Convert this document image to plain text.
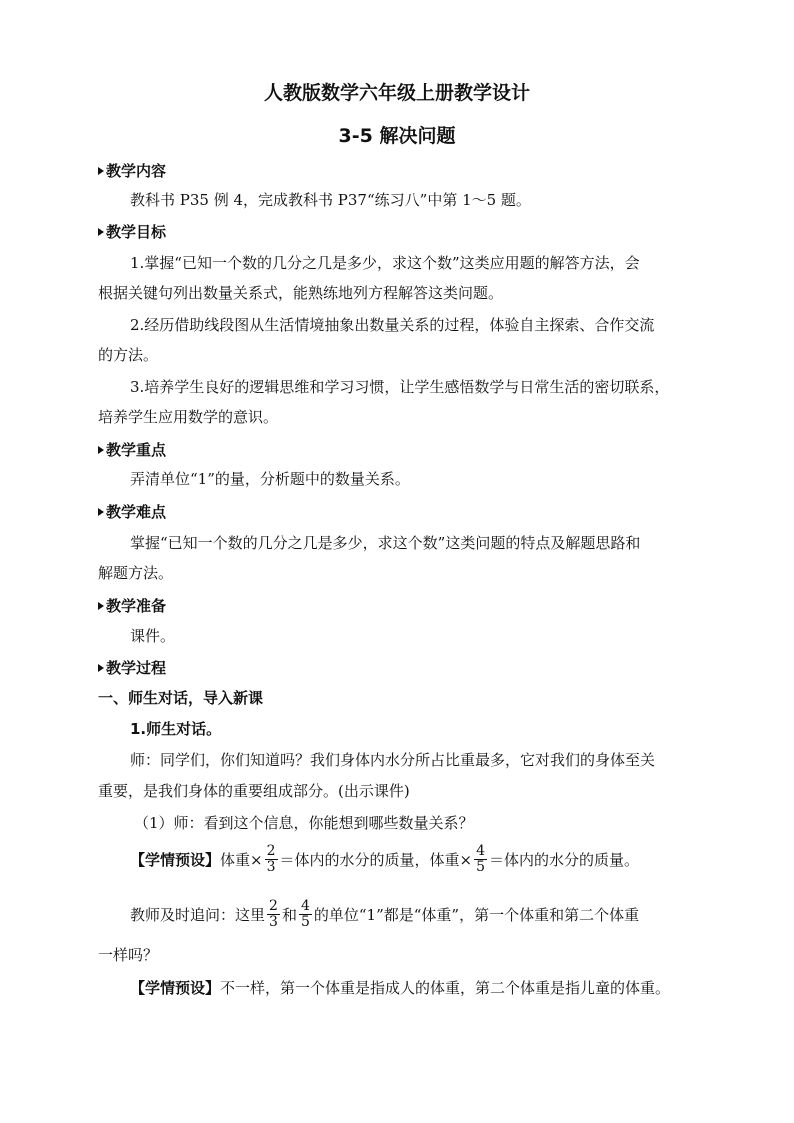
人教版数学六年级上册教学设计
3-5 解决问题
教学内容
教科书 P35 例 4，完成教科书 P37“练习八”中第 1～5 题。
教学目标
1.掌握“已知一个数的几分之几是多少，求这个数”这类应用题的解答方法，会
根据关键句列出数量关系式，能熟练地列方程解答这类问题。
2.经历借助线段图从生活情境抽象出数量关系的过程，体验自主探索、合作交流
的方法。
3.培养学生良好的逻辑思维和学习习惯，让学生感悟数学与日常生活的密切联系，
培养学生应用数学的意识。
教学重点
弄清单位“1”的量，分析题中的数量关系。
教学难点
掌握“已知一个数的几分之几是多少，求这个数”这类问题的特点及解题思路和
解题方法。
教学准备
课件。
教学过程
一、师生对话，导入新课
1.师生对话。
师：同学们，你们知道吗？我们身体内水分所占比重最多，它对我们的身体至关
重要，是我们身体的重要组成部分。(出示课件)
（1）师：看到这个信息，你能想到哪些数量关系？
【学情预设】 体重× $\frac{2}{3}$ ＝体内的水分的质量，体重× $\frac{4}{5}$ ＝体内的水分的质量。
教师及时追问：这里 $\frac{2}{3}$ 和 $\frac{4}{5}$ 的单位“1”都是“体重”，第一个体重和第二个体重
一样吗？
【学情预设】 不一样，第一个体重是指成人的体重，第二个体重是指儿童的体重。
